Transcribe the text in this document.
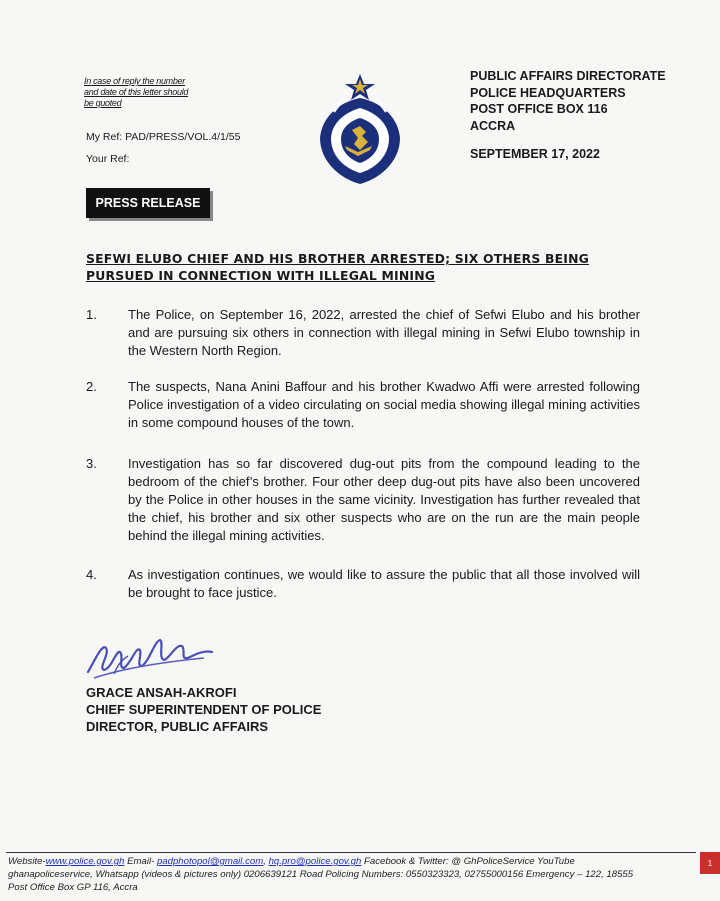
In case of reply the number and date of this letter should be quoted
My Ref: PAD/PRESS/VOL.4/1/55
Your Ref:
PUBLIC AFFAIRS DIRECTORATE
POLICE HEADQUARTERS
POST OFFICE BOX 116
ACCRA
SEPTEMBER 17, 2022
PRESS RELEASE
SEFWI ELUBO CHIEF AND HIS BROTHER ARRESTED; SIX OTHERS BEING PURSUED IN CONNECTION WITH ILLEGAL MINING
1.	The Police, on September 16, 2022, arrested the chief of Sefwi Elubo and his brother and are pursuing six others in connection with illegal mining in Sefwi Elubo township in the Western North Region.
2.	The suspects, Nana Anini Baffour and his brother Kwadwo Affi were arrested following Police investigation of a video circulating on social media showing illegal mining activities in some compound houses of the town.
3.	Investigation has so far discovered dug-out pits from the compound leading to the bedroom of the chief’s brother. Four other deep dug-out pits have also been uncovered by the Police in other houses in the same vicinity. Investigation has further revealed that the chief, his brother and six other suspects who are on the run are the main people behind the illegal mining activities.
4.	As investigation continues, we would like to assure the public that all those involved will be brought to face justice.
GRACE ANSAH-AKROFI
CHIEF SUPERINTENDENT OF POLICE
DIRECTOR, PUBLIC AFFAIRS
Website-www.police.gov.gh Email- padphotopol@gmail.com, hq.pro@police.gov.gh Facebook & Twitter: @ GhPoliceService YouTube
ghanapoliceservice, Whatsapp (videos & pictures only) 0206639121 Road Policing Numbers: 0550323323, 02755000156 Emergency – 122, 18555
Post Office Box GP 116, Accra
1
